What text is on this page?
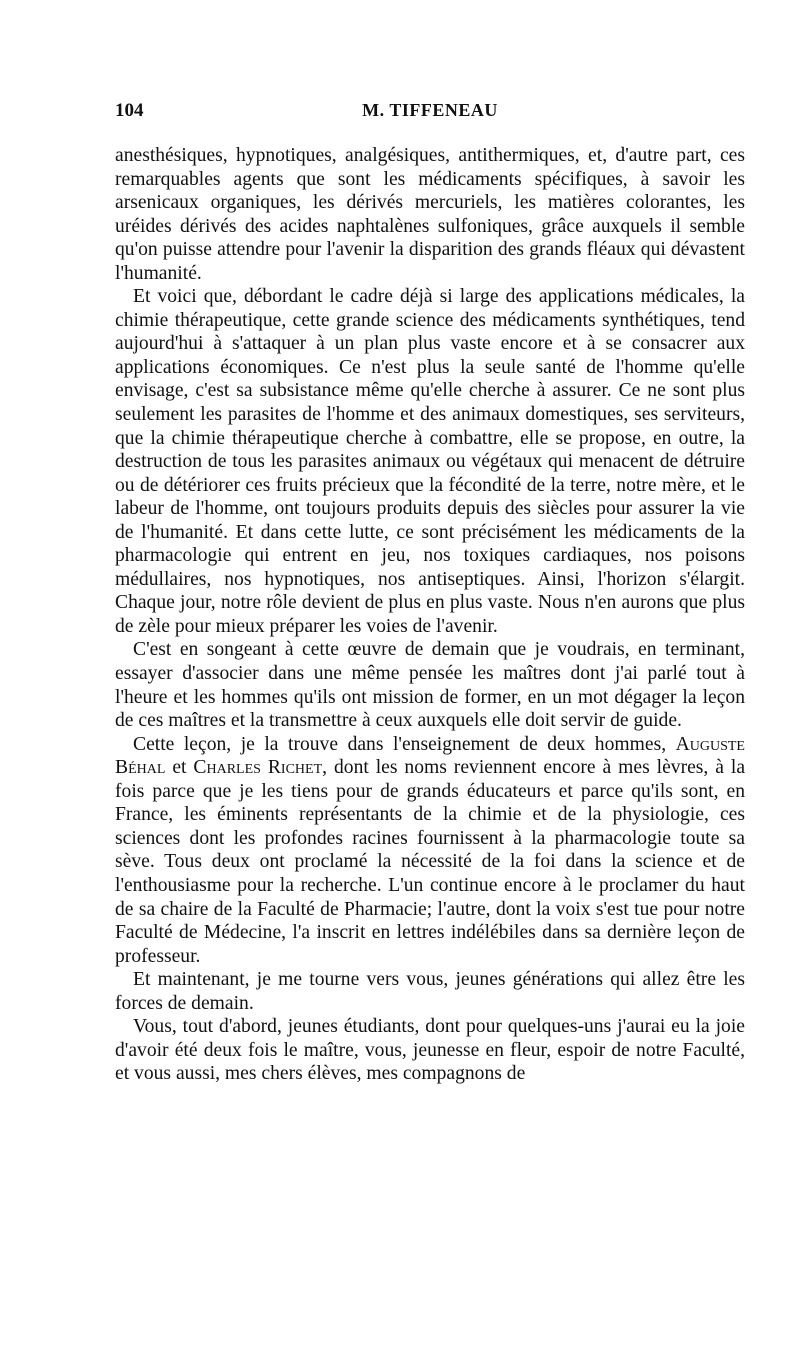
104	M. TIFFENEAU

anesthésiques, hypnotiques, analgésiques, antithermiques, et, d'autre part, ces remarquables agents que sont les médicaments spécifiques, à savoir les arsenicaux organiques, les dérivés mercuriels, les matières colorantes, les uréides dérivés des acides naphtalènes sulfoniques, grâce auxquels il semble qu'on puisse attendre pour l'avenir la disparition des grands fléaux qui dévastent l'humanité.

Et voici que, débordant le cadre déjà si large des applications médicales, la chimie thérapeutique, cette grande science des médicaments synthétiques, tend aujourd'hui à s'attaquer à un plan plus vaste encore et à se consacrer aux applications économiques. Ce n'est plus la seule santé de l'homme qu'elle envisage, c'est sa subsistance même qu'elle cherche à assurer. Ce ne sont plus seulement les parasites de l'homme et des animaux domestiques, ses serviteurs, que la chimie thérapeutique cherche à combattre, elle se propose, en outre, la destruction de tous les parasites animaux ou végétaux qui menacent de détruire ou de détériorer ces fruits précieux que la fécondité de la terre, notre mère, et le labeur de l'homme, ont toujours produits depuis des siècles pour assurer la vie de l'humanité. Et dans cette lutte, ce sont précisément les médicaments de la pharmacologie qui entrent en jeu, nos toxiques cardiaques, nos poisons médullaires, nos hypnotiques, nos antiseptiques. Ainsi, l'horizon s'élargit. Chaque jour, notre rôle devient de plus en plus vaste. Nous n'en aurons que plus de zèle pour mieux préparer les voies de l'avenir.

C'est en songeant à cette œuvre de demain que je voudrais, en terminant, essayer d'associer dans une même pensée les maîtres dont j'ai parlé tout à l'heure et les hommes qu'ils ont mission de former, en un mot dégager la leçon de ces maîtres et la transmettre à ceux auxquels elle doit servir de guide.

Cette leçon, je la trouve dans l'enseignement de deux hommes, Auguste Béhal et Charles Richet, dont les noms reviennent encore à mes lèvres, à la fois parce que je les tiens pour de grands éducateurs et parce qu'ils sont, en France, les éminents représentants de la chimie et de la physiologie, ces sciences dont les profondes racines fournissent à la pharmacologie toute sa sève. Tous deux ont proclamé la nécessité de la foi dans la science et de l'enthousiasme pour la recherche. L'un continue encore à le proclamer du haut de sa chaire de la Faculté de Pharmacie; l'autre, dont la voix s'est tue pour notre Faculté de Médecine, l'a inscrit en lettres indélébiles dans sa dernière leçon de professeur.

Et maintenant, je me tourne vers vous, jeunes générations qui allez être les forces de demain.

Vous, tout d'abord, jeunes étudiants, dont pour quelques-uns j'aurai eu la joie d'avoir été deux fois le maître, vous, jeunesse en fleur, espoir de notre Faculté, et vous aussi, mes chers élèves, mes compagnons de
